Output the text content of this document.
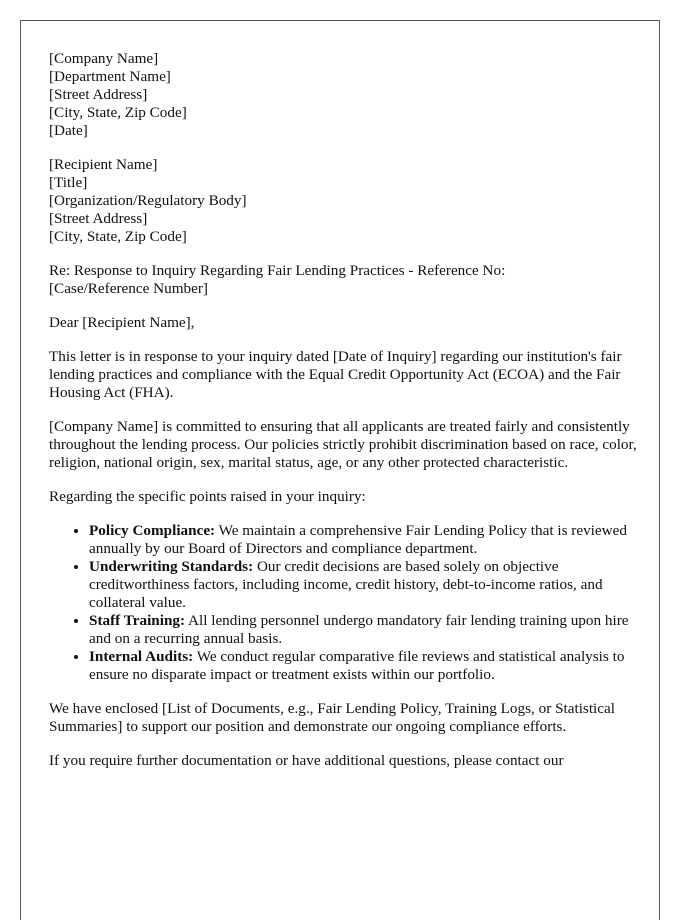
[Company Name]
[Department Name]
[Street Address]
[City, State, Zip Code]
[Date]
[Recipient Name]
[Title]
[Organization/Regulatory Body]
[Street Address]
[City, State, Zip Code]
Re: Response to Inquiry Regarding Fair Lending Practices - Reference No:
[Case/Reference Number]

Dear [Recipient Name],

This letter is in response to your inquiry dated [Date of Inquiry] regarding our institution's fair lending practices and compliance with the Equal Credit Opportunity Act (ECOA) and the Fair Housing Act (FHA).

[Company Name] is committed to ensuring that all applicants are treated fairly and consistently throughout the lending process. Our policies strictly prohibit discrimination based on race, color, religion, national origin, sex, marital status, age, or any other protected characteristic.

Regarding the specific points raised in your inquiry:

• Policy Compliance: We maintain a comprehensive Fair Lending Policy that is reviewed annually by our Board of Directors and compliance department.
• Underwriting Standards: Our credit decisions are based solely on objective creditworthiness factors, including income, credit history, debt-to-income ratios, and collateral value.
• Staff Training: All lending personnel undergo mandatory fair lending training upon hire and on a recurring annual basis.
• Internal Audits: We conduct regular comparative file reviews and statistical analysis to ensure no disparate impact or treatment exists within our portfolio.

We have enclosed [List of Documents, e.g., Fair Lending Policy, Training Logs, or Statistical Summaries] to support our position and demonstrate our ongoing compliance efforts.

If you require further documentation or have additional questions, please contact our
